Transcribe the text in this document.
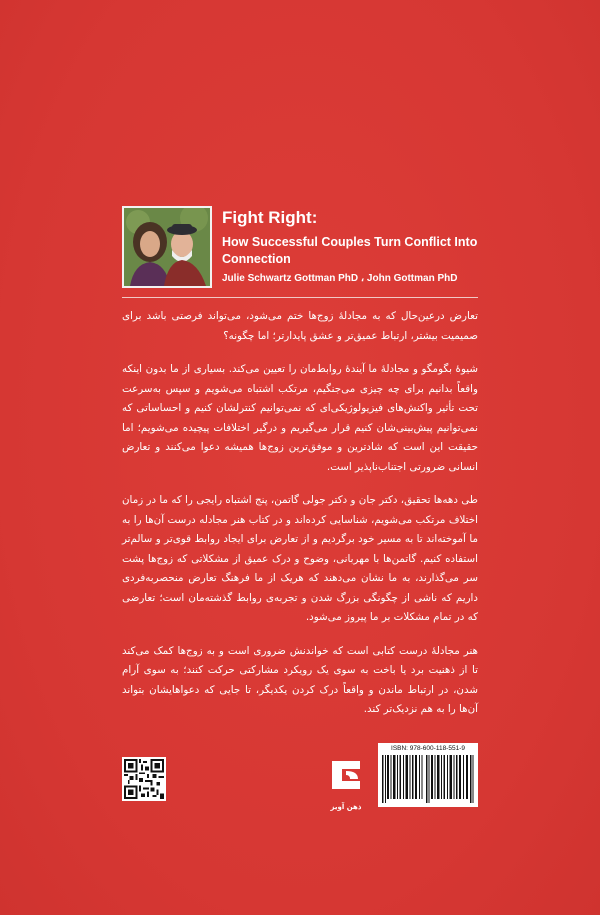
Fight Right:
How Successful Couples Turn Conflict Into Connection
Julie Schwartz Gottman PhD ، John Gottman PhD

تعارض درعین‌حال که به مجادلهٔ زوج‌ها ختم می‌شود، می‌تواند فرصتی باشد برای صمیمیت بیشتر، ارتباط عمیق‌تر و عشق پایدارتر؛ اما چگونه؟

شیوهٔ بگومگو و مجادلهٔ ما آیندهٔ روابط‌مان را تعیین می‌کند. بسیاری از ما بدون اینکه واقعاً بدانیم برای چه چیزی می‌جنگیم، مرتکب اشتباه می‌شویم و سپس به‌سرعت تحت تأثیر واکنش‌های فیزیولوژیکی‌ای که نمی‌توانیم کنترلشان کنیم و احساساتی که نمی‌توانیم پیش‌بینی‌شان کنیم قرار می‌گیریم و درگیر اختلافات پیچیده می‌شویم؛ اما حقیقت این است که شادترین و موفق‌ترین زوج‌ها همیشه دعوا می‌کنند و تعارض انسانی ضرورتی اجتناب‌ناپذیر است.

طی دهه‌ها تحقیق، دکتر جان و دکتر جولی گاتمن، پنج اشتباه رایجی را که ما در زمان اختلاف مرتکب می‌شویم، شناسایی کرده‌اند و در کتاب هنر مجادله درست آن‌ها را به ما آموخته‌اند تا به مسیر خود برگردیم و از تعارض برای ایجاد روابط قوی‌تر و سالم‌تر استفاده کنیم. گاتمن‌ها با مهربانی، وضوح و درک عمیق از مشکلاتی که زوج‌ها پشت سر می‌گذارند، به ما نشان می‌دهند که هریک از ما فرهنگ تعارض منحصربه‌فردی داریم که ناشی از چگونگی بزرگ شدن و تجربه‌ی روابط گذشته‌مان است؛ تعارضی که در تمام مشکلات بر ما پیروز می‌شود.

هنر مجادلهٔ درست کتابی است که خواندنش ضروری است و به زوج‌ها کمک می‌کند تا از ذهنیت برد یا باخت به سوی یک رویکرد مشارکتی حرکت کنند؛ به سوی آرام شدن، در ارتباط ماندن و واقعاً درک کردن یکدیگر، تا جایی که دعواهایشان بتواند آن‌ها را به هم نزدیک‌تر کند.

ذهن آویز
ISBN: 978-600-118-551-9
